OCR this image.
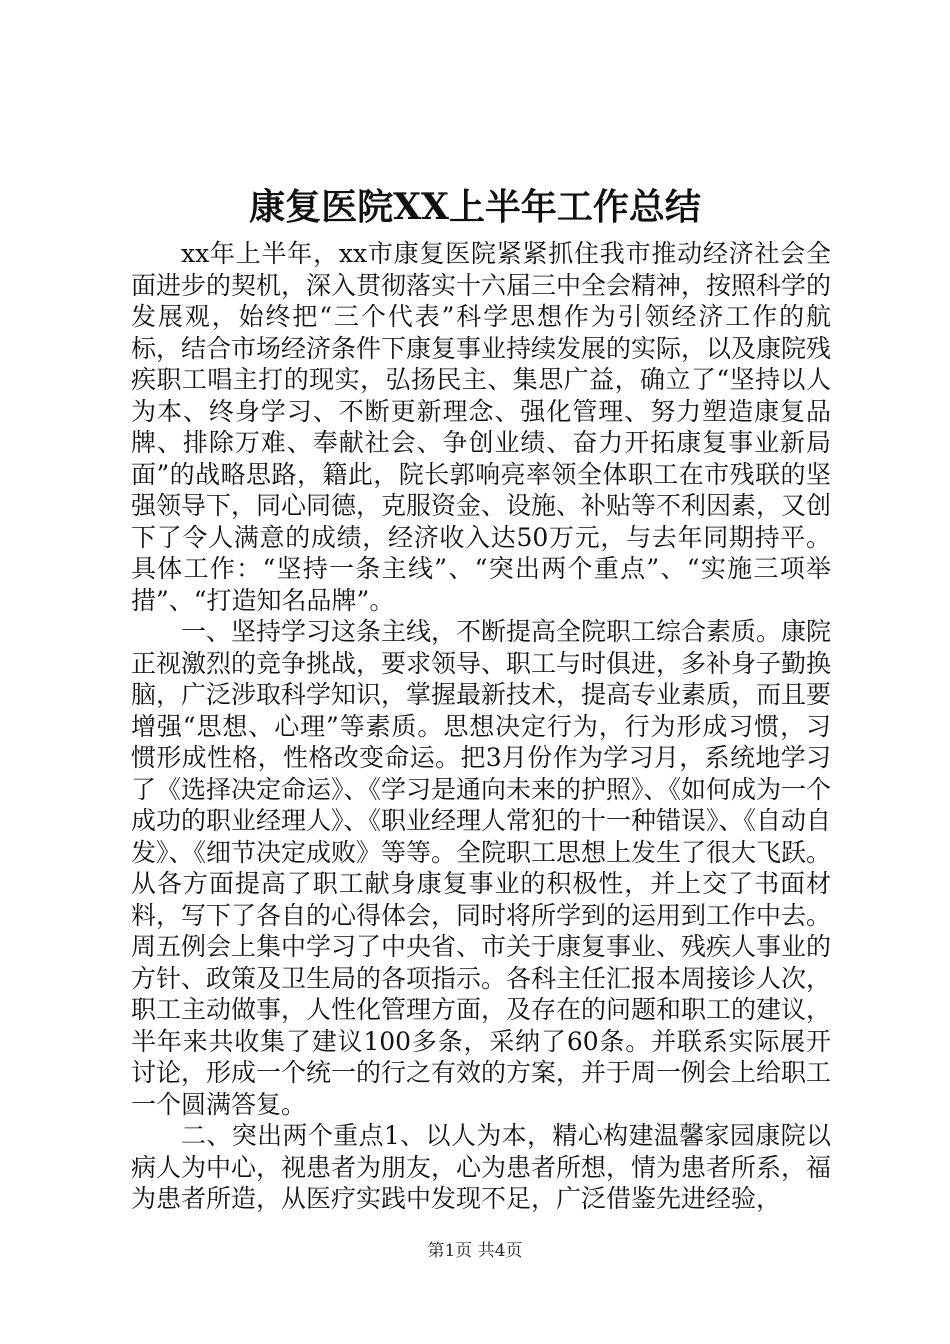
康复医院XX上半年工作总结

xx年上半年，xx市康复医院紧紧抓住我市推动经济社会全面进步的契机，深入贯彻落实十六届三中全会精神，按照科学的发展观，始终把“三个代表”科学思想作为引领经济工作的航标，结合市场经济条件下康复事业持续发展的实际，以及康院残疾职工唱主打的现实，弘扬民主、集思广益，确立了“坚持以人为本、终身学习、不断更新理念、强化管理、努力塑造康复品牌、排除万难、奉献社会、争创业绩、奋力开拓康复事业新局面”的战略思路，籍此，院长郭响亮率领全体职工在市残联的坚强领导下，同心同德，克服资金、设施、补贴等不利因素，又创下了令人满意的成绩，经济收入达50万元，与去年同期持平。具体工作：“坚持一条主线”、“突出两个重点”、“实施三项举措”、“打造知名品牌”。

一、坚持学习这条主线，不断提高全院职工综合素质。康院正视激烈的竞争挑战，要求领导、职工与时俱进，多补身子勤换脑，广泛涉取科学知识，掌握最新技术，提高专业素质，而且要增强“思想、心理”等素质。思想决定行为，行为形成习惯，习惯形成性格，性格改变命运。把3月份作为学习月，系统地学习了《选择决定命运》、《学习是通向未来的护照》、《如何成为一个成功的职业经理人》、《职业经理人常犯的十一种错误》、《自动自发》、《细节决定成败》等等。全院职工思想上发生了很大飞跃。从各方面提高了职工献身康复事业的积极性，并上交了书面材料，写下了各自的心得体会，同时将所学到的运用到工作中去。周五例会上集中学习了中央省、市关于康复事业、残疾人事业的方针、政策及卫生局的各项指示。各科主任汇报本周接诊人次，职工主动做事，人性化管理方面，及存在的问题和职工的建议，半年来共收集了建议100多条，采纳了60条。并联系实际展开讨论，形成一个统一的行之有效的方案，并于周一例会上给职工一个圆满答复。

二、突出两个重点1、以人为本，精心构建温馨家园康院以病人为中心，视患者为朋友，心为患者所想，情为患者所系，福为患者所造，从医疗实践中发现不足，广泛借鉴先进经验，

第1页 共4页
